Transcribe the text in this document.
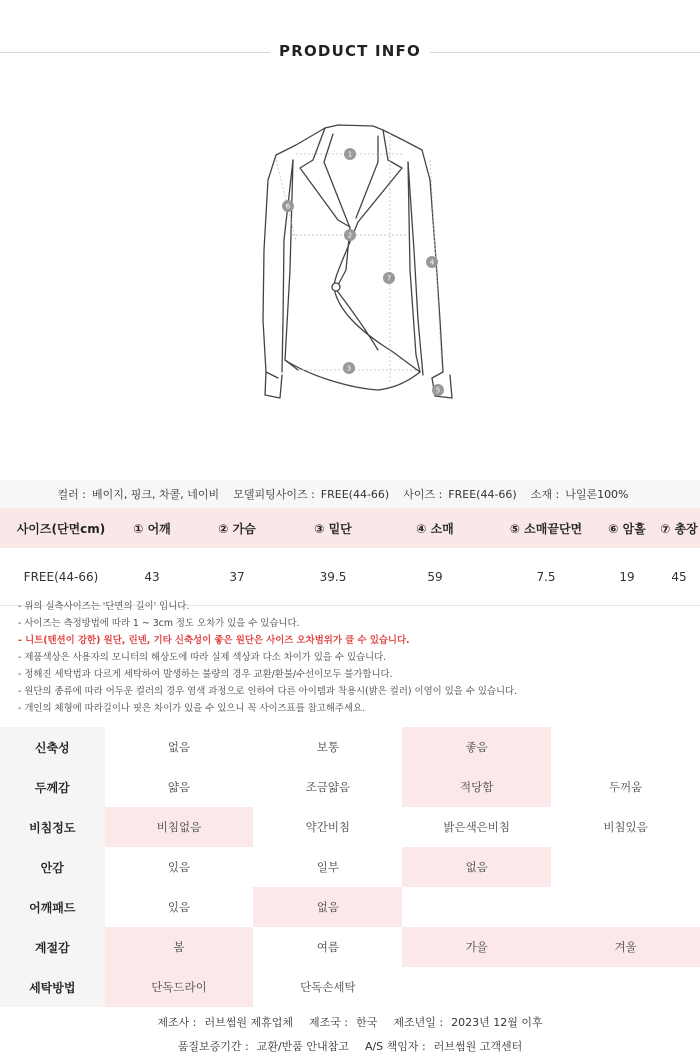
PRODUCT INFO
1
2
3
4
5
6
7
컬러 : 베이지, 핑크, 차콜, 네이비 모델피팅사이즈 : FREE(44-66) 사이즈 : FREE(44-66) 소재 : 나일론100%
사이즈(단면cm)	① 어깨	② 가슴	③ 밑단	④ 소매	⑤ 소매끝단면	⑥ 암홀	⑦ 총장
FREE(44-66)	43	37	39.5	59	7.5	19	45
- 위의 실측사이즈는 '단면의 길이' 입니다.
- 사이즈는 측정방법에 따라 1 ~ 3cm 정도 오차가 있을 수 있습니다.
- 니트(텐션이 강한) 원단, 린넨, 기타 신축성이 좋은 원단은 사이즈 오차범위가 클 수 있습니다.
- 제품색상은 사용자의 모니터의 해상도에 따라 실제 색상과 다소 차이가 있을 수 있습니다.
- 정해진 세탁법과 다르게 세탁하여 발생하는 불량의 경우 교환/환불/수선이모두 불가합니다.
- 원단의 종류에 따라 어두운 컬러의 경우 염색 과정으로 인하여 다른 아이템과 착용시(밝은 컬러) 이염이 있을 수 있습니다.
- 개인의 체형에 따라길이나 핏은 차이가 있을 수 있으니 꼭 사이즈표를 참고해주세요.
신축성	없음	보통	좋음
두께감	얇음	조금얇음	적당함	두꺼움
비침정도	비침없음	약간비침	밝은색은비침	비침있음
안감	있음	일부	없음
어깨패드	있음	없음
계절감	봄	여름	가을	겨울
세탁방법	단독드라이	단독손세탁
제조사 : 러브썸원 제휴업체 제조국 : 한국 제조년일 : 2023년 12월 이후
품질보증기간 : 교환/반품 안내참고 A/S 책임자 : 러브썸원 고객센터
